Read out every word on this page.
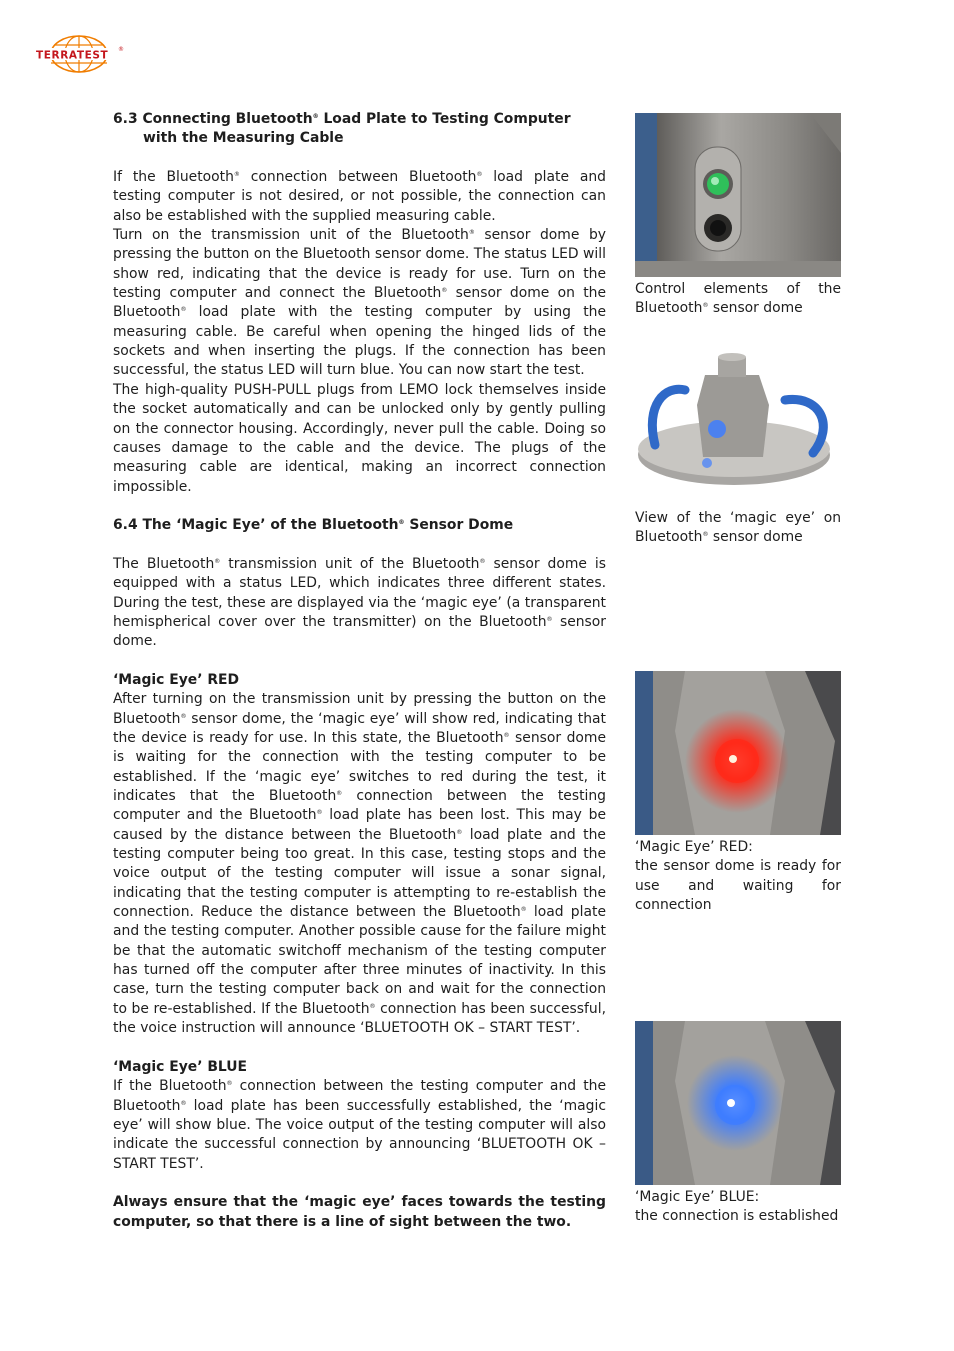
TERRATEST ®

6.3 Connecting Bluetooth® Load Plate to Testing Computer

with the Measuring Cable

If the Bluetooth® connection between Bluetooth® load plate and testing computer is not desired, or not possible, the connection can also be established with the supplied measuring cable.

Turn on the transmission unit of the Bluetooth® sensor dome by pressing the button on the Bluetooth sensor dome. The status LED will show red, indicating that the device is ready for use. Turn on the testing computer and connect the Bluetooth® sensor dome on the Bluetooth® load plate with the testing computer by using the measuring cable. Be careful when opening the hinged lids of the sockets and when inserting the plugs. If the connection has been successful, the status LED will turn blue. You can now start the test.

The high-quality PUSH-PULL plugs from LEMO lock themselves inside the socket automatically and can be unlocked only by gently pulling on the connector housing. Accordingly, never pull the cable. Doing so causes damage to the cable and the device. The plugs of the measuring cable are identical, making an incorrect connection impossible.

6.4 The ‘Magic Eye’ of the Bluetooth® Sensor Dome

The Bluetooth® transmission unit of the Bluetooth® sensor dome is equipped with a status LED, which indicates three different states. During the test, these are displayed via the ‘magic eye’ (a transparent hemispherical cover over the transmitter) on the Bluetooth® sensor dome.

‘Magic Eye’ RED

After turning on the transmission unit by pressing the button on the Bluetooth® sensor dome, the ‘magic eye’ will show red, indicating that the device is ready for use. In this state, the Bluetooth® sensor dome is waiting for the connection with the testing computer to be established. If the ‘magic eye’ switches to red during the test, it indicates that the Bluetooth® connection between the testing computer and the Bluetooth® load plate has been lost. This may be caused by the distance between the Bluetooth® load plate and the testing computer being too great. In this case, testing stops and the voice output of the testing computer will issue a sonar signal, indicating that the testing computer is attempting to re-establish the connection. Reduce the distance between the Bluetooth® load plate and the testing computer. Another possible cause for the failure might be that the automatic switchoff mechanism of the testing computer has turned off the computer after three minutes of inactivity. In this case, turn the testing computer back on and wait for the connection to be re-established. If the Bluetooth® connection has been successful, the voice instruction will announce ‘BLUETOOTH OK – START TEST’.

‘Magic Eye’ BLUE

If the Bluetooth® connection between the testing computer and the Bluetooth® load plate has been successfully established, the ‘magic eye’ will show blue. The voice output of the testing computer will also indicate the successful connection by announcing ‘BLUETOOTH OK – START TEST’.

Always ensure that the ‘magic eye’ faces towards the testing computer, so that there is a line of sight between the two.

Control elements of the Bluetooth® sensor dome
View of the ‘magic eye’ on Bluetooth® sensor dome
‘Magic Eye’ RED:
the sensor dome is ready for use and waiting for connection
‘Magic Eye’ BLUE:
the connection is established
